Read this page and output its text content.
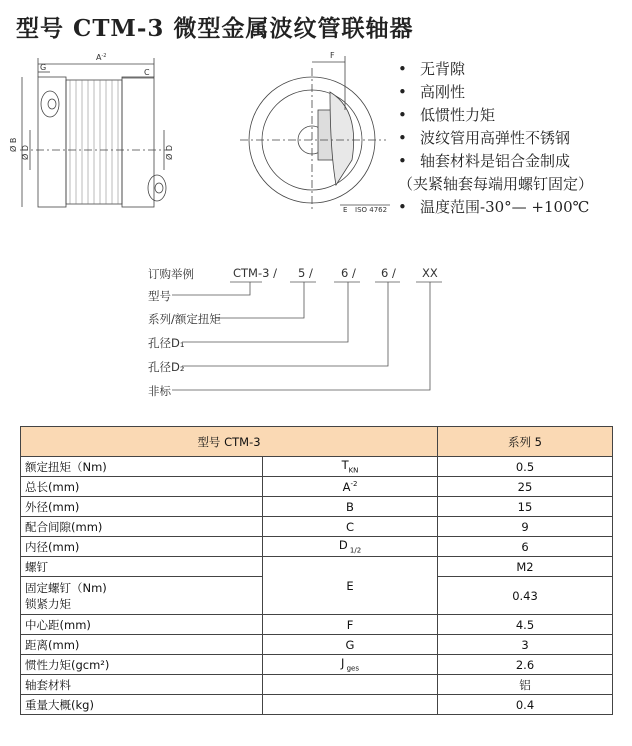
型号 CTM-3 微型金属波纹管联轴器
$A^{-2}$
G
C
Ø B
Ø D	Ø D
F
E ISO 4762
• 无背隙
• 高刚性
• 低惯性力矩
• 波纹管用高弹性不锈钢
• 轴套材料是铝合金制成
（夹紧轴套每端用螺钉固定）
• 温度范围-30°— +100℃
订购举例	CTM-3 / 5 / 6 / 6 / XX
型号
系列/额定扭矩
孔径D₁
孔径D₂
非标
型号 CTM-3		系列 5
额定扭矩（Nm)	$T_{KN}$	0.5
总长(mm)	$A^{-2}$	25
外径(mm)	B	15
配合间隙(mm)	C	9
内径(mm)	D $_{1/2}$	6
螺钉	E	M2

固定螺钉（Nm)
锁紧力矩		0.43
中心距(mm)	F	4.5
距离(mm)	G	3
惯性力矩(gcm²)	J $_{ges}$	2.6
轴套材料		铝
重量大概(kg)		0.4
